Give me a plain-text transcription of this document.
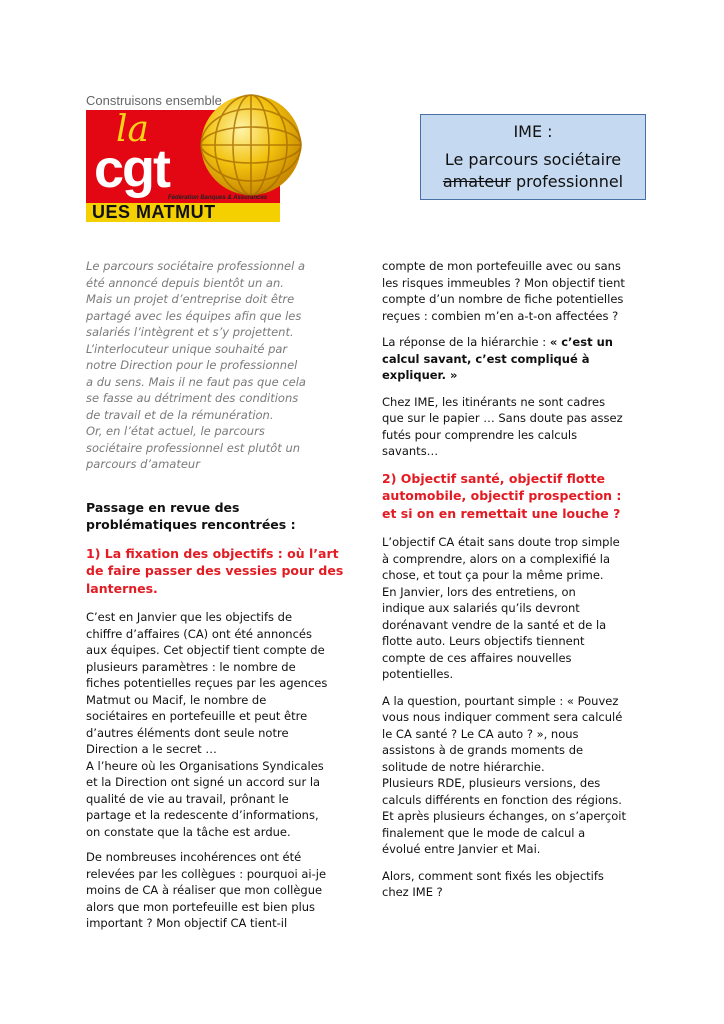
Construisons ensemble
la
cgt Fédération Banques & Assurances
UES MATMUT
IME :
Le parcours sociétaire
amateur professionnel
Le parcours sociétaire professionnel a
été annoncé depuis bientôt un an.
Mais un projet d’entreprise doit être
partagé avec les équipes afin que les
salariés l’intègrent et s’y projettent.
L’interlocuteur unique souhaité par
notre Direction pour le professionnel
a du sens. Mais il ne faut pas que cela
se fasse au détriment des conditions
de travail et de la rémunération.
Or, en l’état actuel, le parcours
sociétaire professionnel est plutôt un
parcours d’amateur
Passage en revue des
problématiques rencontrées :
1) La fixation des objectifs : où l’art
de faire passer des vessies pour des
lanternes.
C’est en Janvier que les objectifs de
chiffre d’affaires (CA) ont été annoncés
aux équipes. Cet objectif tient compte de
plusieurs paramètres : le nombre de
fiches potentielles reçues par les agences
Matmut ou Macif, le nombre de
sociétaires en portefeuille et peut être
d’autres éléments dont seule notre
Direction a le secret …
A l’heure où les Organisations Syndicales
et la Direction ont signé un accord sur la
qualité de vie au travail, prônant le
partage et la redescente d’informations,
on constate que la tâche est ardue.
De nombreuses incohérences ont été
relevées par les collègues : pourquoi ai-je
moins de CA à réaliser que mon collègue
alors que mon portefeuille est bien plus
important ? Mon objectif CA tient-il
compte de mon portefeuille avec ou sans
les risques immeubles ? Mon objectif tient
compte d’un nombre de fiche potentielles
reçues : combien m’en a-t-on affectées ?
La réponse de la hiérarchie : « c’est un
calcul savant, c’est compliqué à
expliquer. »
Chez IME, les itinérants ne sont cadres
que sur le papier … Sans doute pas assez
futés pour comprendre les calculs
savants…
2) Objectif santé, objectif flotte
automobile, objectif prospection :
et si on en remettait une louche ?
L’objectif CA était sans doute trop simple
à comprendre, alors on a complexifié la
chose, et tout ça pour la même prime.
En Janvier, lors des entretiens, on
indique aux salariés qu’ils devront
dorénavant vendre de la santé et de la
flotte auto. Leurs objectifs tiennent
compte de ces affaires nouvelles
potentielles.
A la question, pourtant simple : « Pouvez
vous nous indiquer comment sera calculé
le CA santé ? Le CA auto ? », nous
assistons à de grands moments de
solitude de notre hiérarchie.
Plusieurs RDE, plusieurs versions, des
calculs différents en fonction des régions.
Et après plusieurs échanges, on s’aperçoit
finalement que le mode de calcul a
évolué entre Janvier et Mai.
Alors, comment sont fixés les objectifs
chez IME ?
